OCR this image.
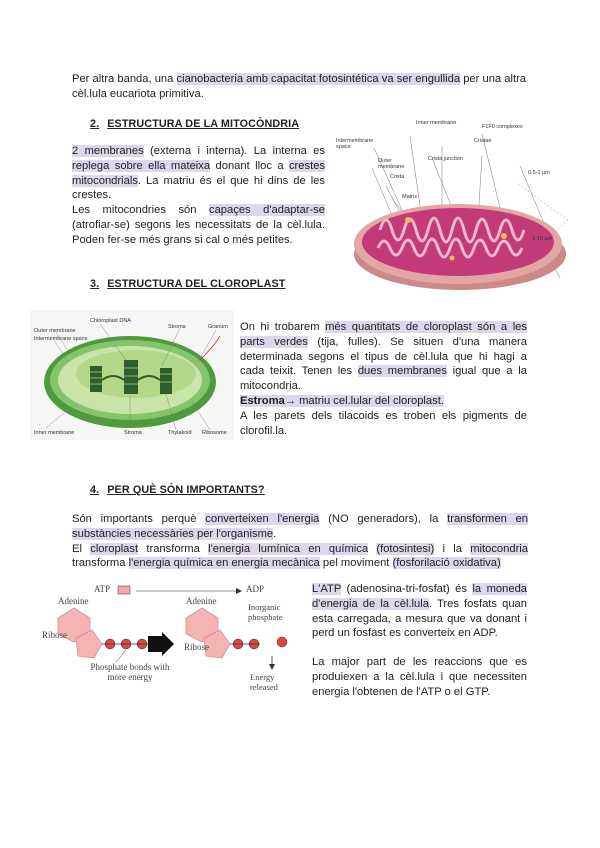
Per altra banda, una cianobacteria amb capacitat fotosintética va ser engullida per una altra cèl.lula eucariota primitiva.
2. ESTRUCTURA DE LA MITOCÒNDRIA
2 membranes (externa i interna). La interna es replega sobre ella mateixa donant lloc a crestes mitocondrials. La matriu és el que hi dins de les crestes.
Les mitocondries són capaçes d'adaptar-se (atrofiar-se) segons les necessitats de la cèl.lula. Poden fer-se més grans si cal o més petites.
Inner membrane
Intermembrane space
Outer membrane
F1F0 complexes
Cristae
Crista junction
Crista
Matrix
0.5-1 µm
1-10 µm
3. ESTRUCTURA DEL CLOROPLAST
Chloroplast DNA
Outer membrane
Intermembrane space
Stroma	Granum
Inner membrane	Stroma	Thylakoid Ribosome
On hi trobarem més quantitats de cloroplast són a les parts verdes (tija, fulles). Se situen d'una manera determinada segons el tipus de cèl.lula que hi hagi a cada teixit. Tenen les dues membranes igual que a la mitocondria.
Estroma→ matriu cel.lular del cloroplast.
A les parets dels tilacoids es troben els pigments de clorofil.la.
4. PER QUÈ SÓN IMPORTANTS?
Són importants perquè converteixen l'energia (NO generadors), la transformen en substàncies necessàries per l'organisme.
El cloroplast transforma l'energia lumínica en química (fotosintesi) i la mitocondria transforma l'energia química en energia mecànica pel moviment (fosforilació oxidativa)
ATP	ADP
Adenine	Adenine
Ribose
Ribose
Phosphate bonds with more energy
Inorganic phosphate
Energy released
L'ATP (adenosina-tri-fosfat) és la moneda d'energia de la cèl.lula. Tres fosfats quan esta carregada, a mesura que va donant i perd un fosfast es converteix en ADP.
La major part de les reaccions que es produiexen a la cèl.lula i que necessiten energia l'obtenen de l'ATP o el GTP.
